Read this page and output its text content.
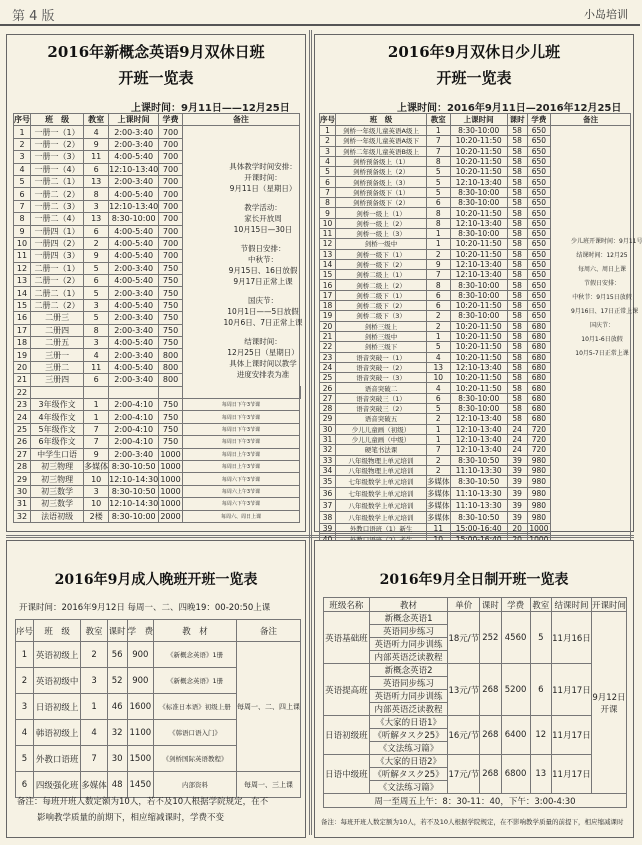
第 4 版	小岛培训
2016年新概念英语9月双休日班
开班一览表
上课时间：9月11日——12月25日
序号	班　级	教室	上课时间	学费	备注	
1	一册一（1）	4	2:00-3:40	700		
2	一册一（2）	9	2:00-3:40	700		
3	一册一（3）	11	4:00-5:40	700		
4	一册一（4）	6	12:10-13:40	700		
5	一册二（1）	13	2:00-3:40	700		
6	一册二（2）	8	4:00-5:40	700		
7	一册二（3）	3	12:10-13:40	700		
8	一册二（4）	13	8:30-10:00	700		
9	一册四（1）	6	4:00-5:40	700		
10	一册四（2）	2	4:00-5:40	700		
11	一册四（3）	9	4:00-5:40	700		
12	二册一（1）	5	2:00-3:40	750		
13	二册一（2）	6	4:00-5:40	750		
14	二册二（1）	5	2:00-3:40	750		
15	二册二（2）	3	4:00-5:40	750		
16	二册三	5	2:00-3:40	750		
17	二册四	8	2:00-3:40	750		
18	二册五	3	4:00-5:40	750		
19	三册一	4	2:00-3:40	800		
20	三册二	11	4:00-5:40	800		
21	三册四	6	2:00-3:40	800		
22						
23	3年级作文	1	2:00-4:10	750	每周日下午3节课	
24	4年级作文	1	2:00-4:10	750	每周日下午3节课	
25	5年级作文	7	2:00-4:10	750	每周日下午3节课	
26	6年级作文	7	2:00-4:10	750	每周日下午3节课	
27	中学生口语	9	2:00-3:40	1000	每周日上午3节课	
28	初三物理	多媒体	8:30-10:50	1000	每周日上午3节课	
29	初三物理	10	12:10-14:30	1000	每周六下午3节课	
30	初三数学	3	8:30-10:50	1000	每周六上午3节课	
31	初三数学	10	12:10-14:30	1000	每周六下午3节课	
32	法语初级	2楼	8:30-10:00	2000	每周六、周日上课	
具体教学时间安排：
开课时间：
9月11日（星期日）
教学活动：
家长开放周
10月15日—30日
节假日安排：
中秋节：
9月15日、16日放假
9月17日正常上课
国庆节：
10月1日——5日放假
10月6日、7日正常上课
结课时间：
12月25日（星期日）
具体上课时间以教学
进度安排表为准
2016年9月双休日少儿班
开班一览表
上课时间：2016年9月11日—2016年12月25日
序号	班　级	教室	上课时间	课时	学费	备注
1	剑桥一年级儿童英语A级上	1	8:30-10:00	58	650	
2	剑桥一年级儿童英语A级下	7	10:20-11:50	58	650	
3	剑桥二年级儿童英语B级上	7	10:20-11:50	58	650	
4	剑桥预备级上（1）	8	10:20-11:50	58	650	
5	剑桥预备级上（2）	5	10:20-11:50	58	650	
6	剑桥预备级上（3）	5	12:10-13:40	58	650	
7	剑桥预备级下（1）	5	8:30-10:00	58	650	
8	剑桥预备级下（2）	6	8:30-10:00	58	650	
9	剑桥一级上（1）	8	10:20-11:50	58	650	
10	剑桥一级上（2）	8	12:10-13:40	58	650	
11	剑桥一级上（3）	1	8:30-10:00	58	650	
12	剑桥一级中	1	10:20-11:50	58	650	
13	剑桥一级下（1）	2	10:20-11:50	58	650	
14	剑桥一级下（2）	9	12:10-13:40	58	650	
15	剑桥二级上（1）	7	12:10-13:40	58	650	
16	剑桥二级上（2）	8	8:30-10:00	58	650	
17	剑桥二级下（1）	6	8:30-10:00	58	650	
18	剑桥二级下（2）	6	10:20-11:50	58	650	
19	剑桥二级下（3）	2	8:30-10:00	58	650	
20	剑桥三级上	2	10:20-11:50	58	680	
21	剑桥三级中	1	10:20-11:50	58	680	
22	剑桥三级下	5	10:20-11:50	58	680	
23	语音突破一（1）	4	10:20-11:50	58	680	
24	语音突破一（2）	13	12:10-13:40	58	680	
25	语音突破一（3）	10	10:20-11:50	58	680	
26	语音突破二	4	10:20-11:50	58	680	
27	语音突破三（1）	6	8:30-10:00	58	680	
28	语音突破三（2）	5	8:30-10:00	58	680	
29	语音突破五	2	12:10-13:40	58	680	
30	少儿儿童画（初级）	1	12:10-13:40	24	720	
31	少儿儿童画（中级）	1	12:10-13:40	24	720	
32	硬笔书法课	7	12:10-13:40	24	720	
33	八年级物理上单元培训	2	8:30-10:50	39	980	
34	八年级物理上单元培训	2	11:10-13:30	39	980	
35	七年级数学上单元培训	多媒体	8:30-10:50	39	980	
36	七年级数学上单元培训	多媒体	11:10-13:30	39	980	
37	八年级数学上单元培训	多媒体	11:10-13:30	39	980	
38	八年级数学上单元培训	多媒体	8:30-10:50	39	980	
39	外教口语班（1）新生	11	15:00-16:40	20	1000	

少儿班开课时间：9月11号
结课时间：12月25
每周六、周日上课
节假日安排：
中秋节：9月15日放假
9月16日、17日正常上课
国庆节：
10月1-6日放假
10月5-7日正常上课
2016年9月成人晚班开班一览表
开课时间：2016年9月12日 每周一、二、四晚19：00-20:50上课
序号	班　级	教室	课时	学　费	教　材	备注
1	英语初级上	2	56	900	《新概念英语》1册	每周一、二、四上课
2	英语初级中	3	52	900	《新概念英语》1册	
3	日语初级上	1	46	1600	《标准日本语》初级上册	
4	韩语初级上	4	32	1100	《韩语口语入门》	
5	外教口语班	7	30	1500	《剑桥国际英语教程》	
6	四级强化班	多媒体	48	1450	内部资料	每周一、三上课
备注：每班开班人数定额为10人，若不及10人根据学院规定，在不
影响教学质量的前期下，相应缩减课时，学费不变
2016年9月全日制开班一览表
班级名称	教材	单价	课时	学费	教室	结课时间	开课时间
英语基础班	新概念英语1	18元/节	252	4560	5	11月16日	9月12日
开课

	英语同步练习						
	英语听力同步训练						
	内部英语泛读教程						
英语提高班	新概念英语2	13元/节	268	5200	6	11月17日	
	英语同步练习						
	英语听力同步训练						
	内部英语泛读教程						
日语初级班	《大家的日语1》	16元/节	268	6400	12	11月17日	
	《听解タスク25》						
	《文法练习篇》						
日语中级班	《大家的日语2》	17元/节	268	6800	13	11月17日	
	《听解タスク25》						
	《文法练习篇》						
周一至周五上午：8：30-11：40，下午：3:00-4:30							
备注：每班开班人数定额为10人，若不及10人根据学院规定，在不影响教学质量的前提下，相应缩减课时
